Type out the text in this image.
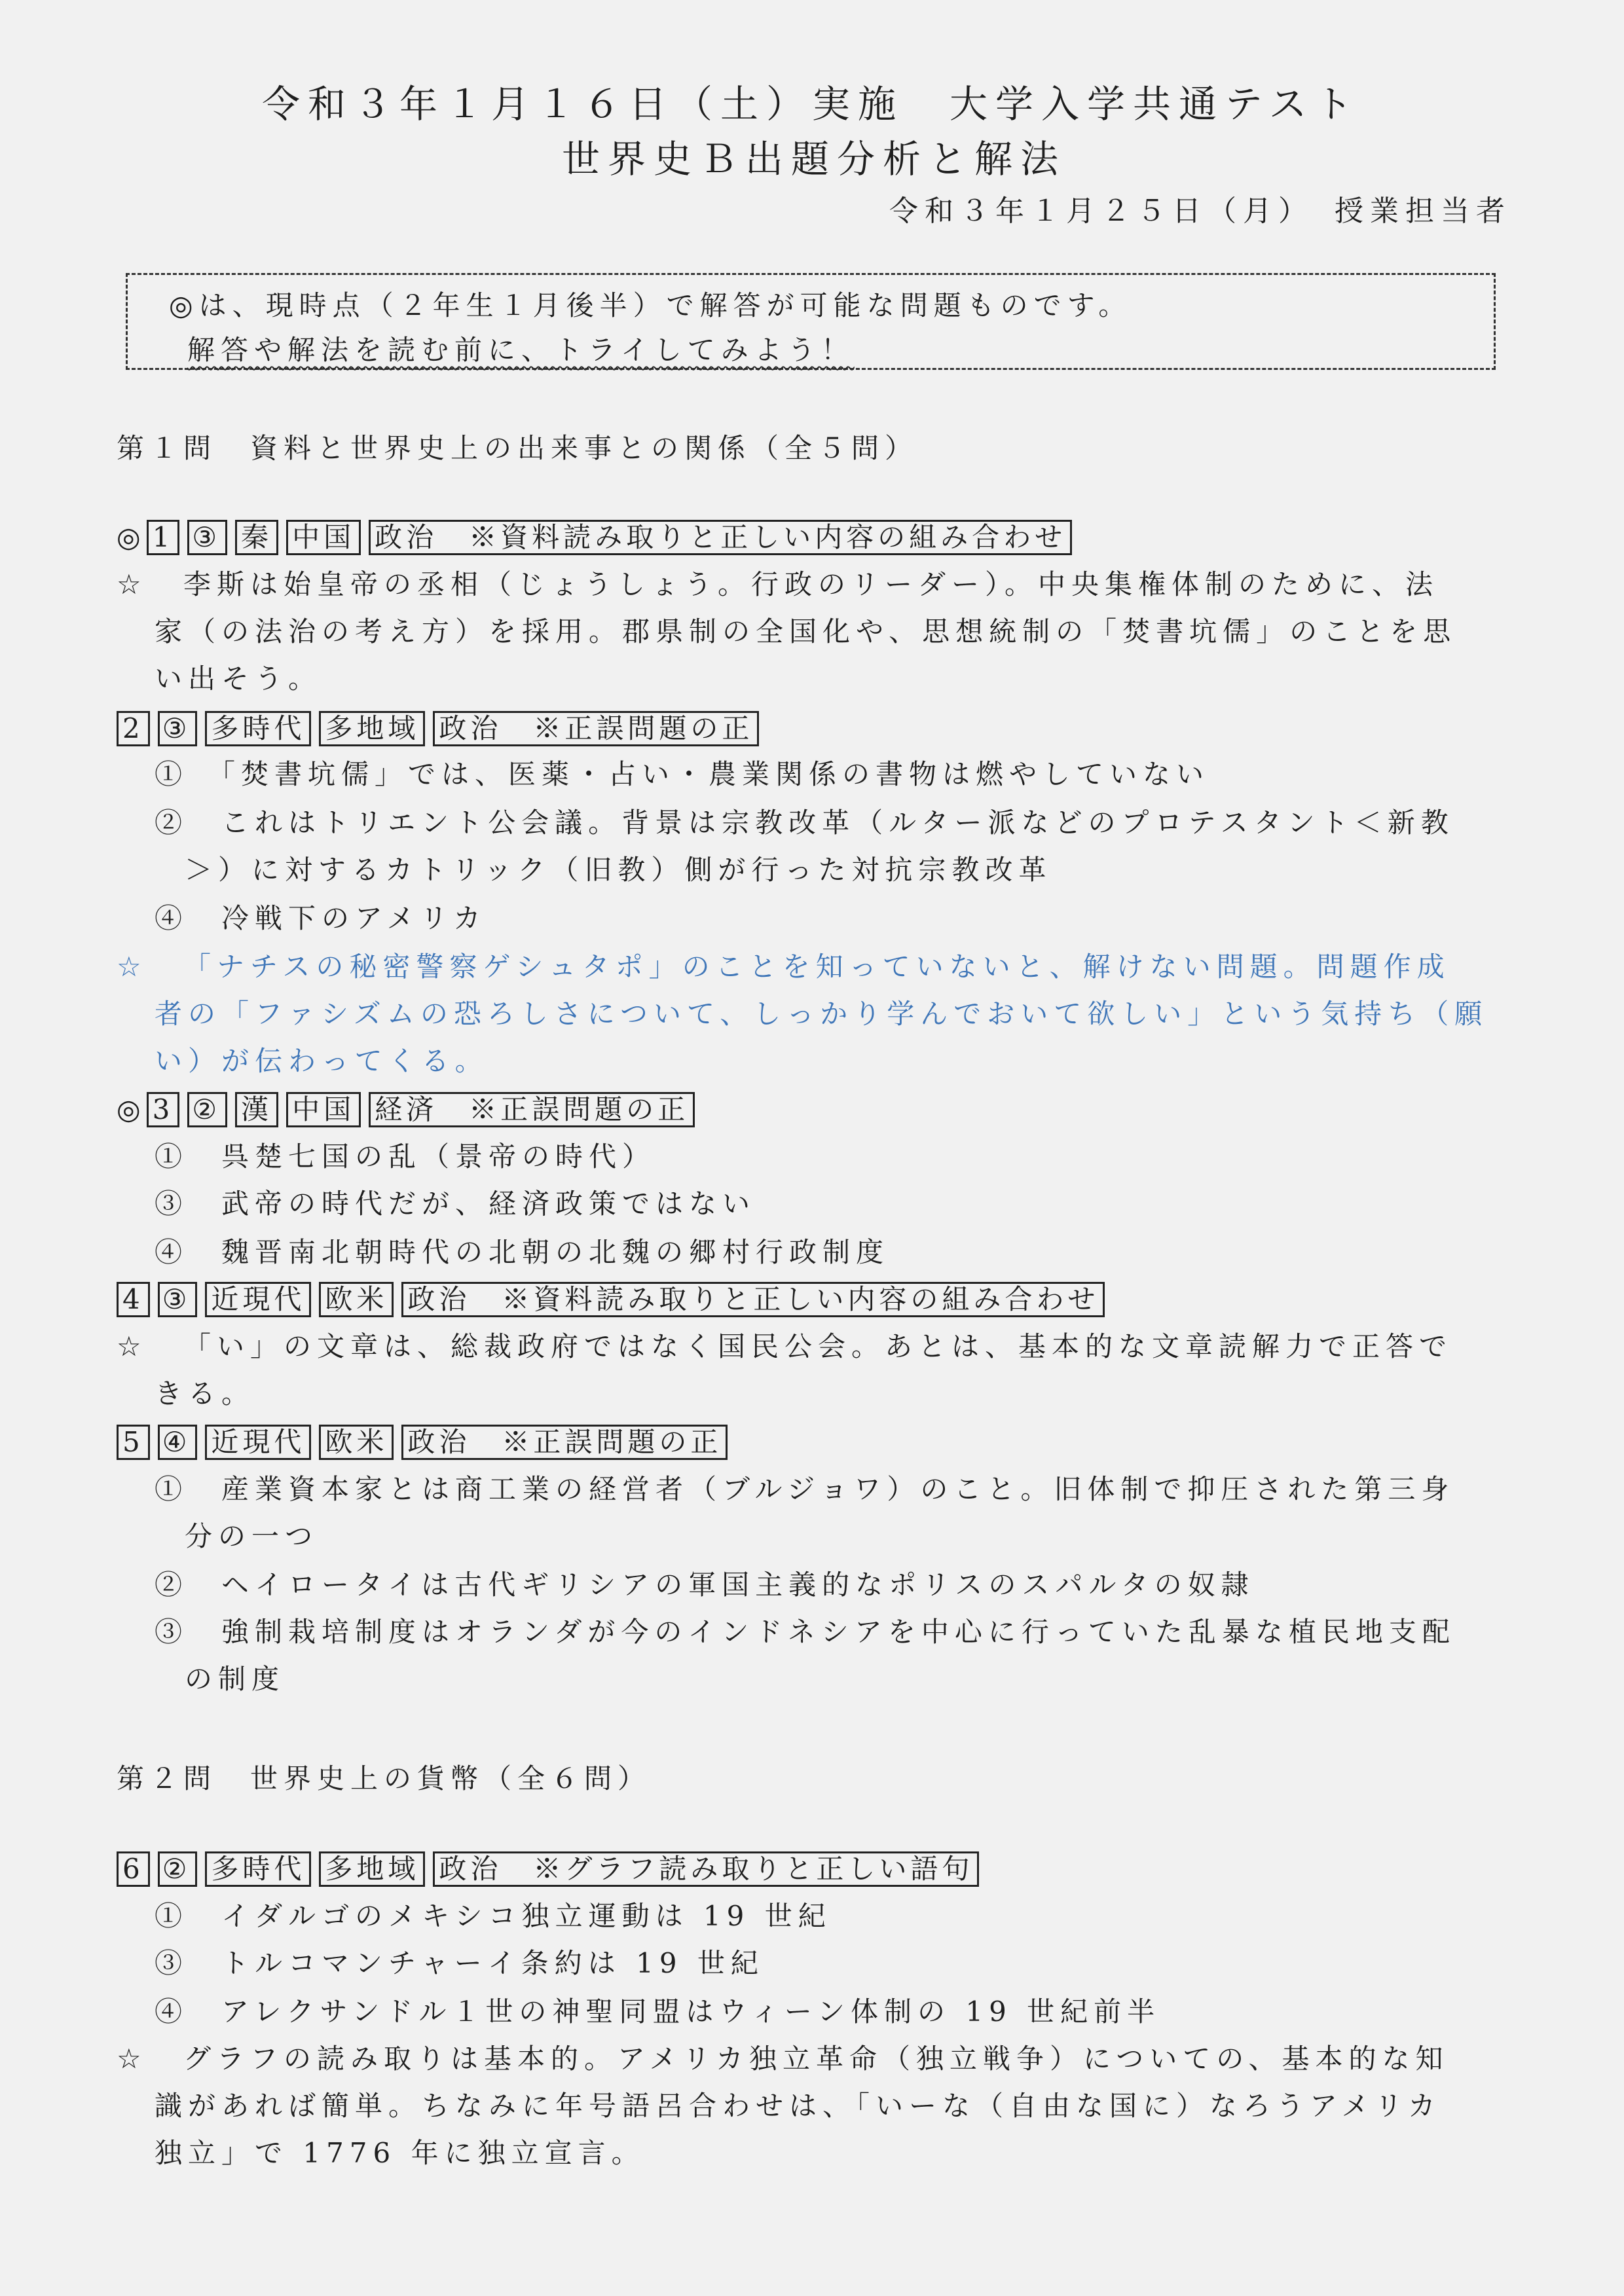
令和３年１月１６日（土）実施　大学入学共通テスト
世界史Ｂ出題分析と解法
令和３年１月２５日（月）　授業担当者
◎は、現時点（２年生１月後半）で解答が可能な問題ものです。
解答や解法を読む前に、トライしてみよう！
第１問　資料と世界史上の出来事との関係（全５問）
◎ 1 ③ 秦 中国 政治　※資料読み取りと正しい内容の組み合わせ
☆ 李斯は始皇帝の丞相（じょうしょう。行政のリーダー）。中央集権体制のために、法
家（の法治の考え方）を採用。郡県制の全国化や、思想統制の「焚書坑儒」のことを思
い出そう。
2 ③ 多時代 多地域 政治　※正誤問題の正
①　「焚書坑儒」では、医薬・占い・農業関係の書物は燃やしていない
②　これはトリエント公会議。背景は宗教改革（ルター派などのプロテスタント＜新教
＞）に対するカトリック（旧教）側が行った対抗宗教改革
④　冷戦下のアメリカ
☆ 「ナチスの秘密警察ゲシュタポ」のことを知っていないと、解けない問題。問題作成
者の「ファシズムの恐ろしさについて、しっかり学んでおいて欲しい」という気持ち（願
い）が伝わってくる。
◎ 3 ② 漢 中国 経済　※正誤問題の正
①　呉楚七国の乱（景帝の時代）
③　武帝の時代だが、経済政策ではない
④　魏晋南北朝時代の北朝の北魏の郷村行政制度
4 ③ 近現代 欧米 政治　※資料読み取りと正しい内容の組み合わせ
☆ 「い」の文章は、総裁政府ではなく国民公会。あとは、基本的な文章読解力で正答で
きる。
5 ④ 近現代 欧米 政治　※正誤問題の正
①　産業資本家とは商工業の経営者（ブルジョワ）のこと。旧体制で抑圧された第三身
分の一つ
②　ヘイロータイは古代ギリシアの軍国主義的なポリスのスパルタの奴隷
③　強制栽培制度はオランダが今のインドネシアを中心に行っていた乱暴な植民地支配
の制度
第２問　世界史上の貨幣（全６問）
6 ② 多時代 多地域 政治　※グラフ読み取りと正しい語句
①　イダルゴのメキシコ独立運動は 19 世紀
③　トルコマンチャーイ条約は 19 世紀
④　アレクサンドル１世の神聖同盟はウィーン体制の 19 世紀前半
☆ グラフの読み取りは基本的。アメリカ独立革命（独立戦争）についての、基本的な知
識があれば簡単。ちなみに年号語呂合わせは、「いーな（自由な国に）なろうアメリカ
独立」で 1776 年に独立宣言。
